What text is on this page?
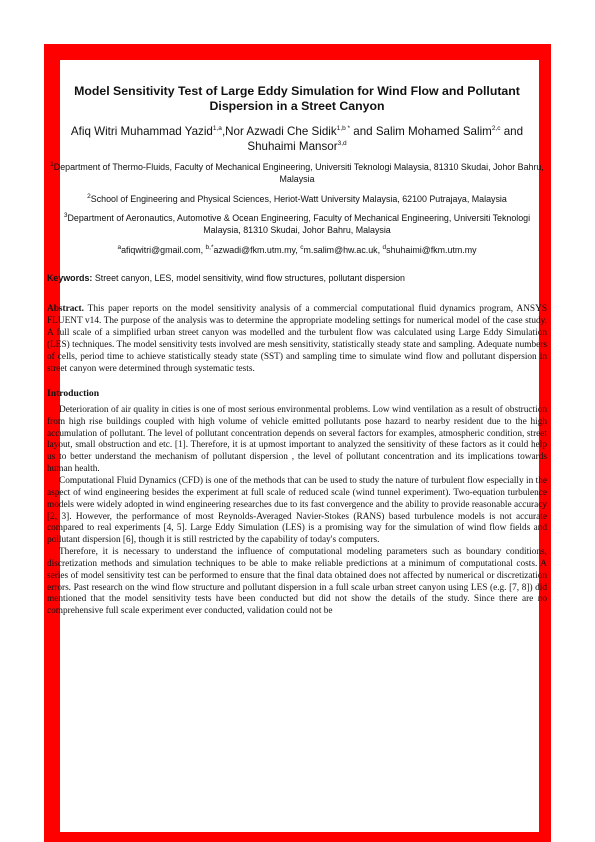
Model Sensitivity Test of Large Eddy Simulation for Wind Flow and Pollutant Dispersion in a Street Canyon
Afiq Witri Muhammad Yazid$^{1,a}$,Nor Azwadi Che Sidik$^{1,b *}$ and Salim Mohamed Salim$^{2,c}$ and Shuhaimi Mansor$^{3,d}$
$^1$Department of Thermo-Fluids, Faculty of Mechanical Engineering, Universiti Teknologi Malaysia, 81310 Skudai, Johor Bahru, Malaysia
$^2$School of Engineering and Physical Sciences, Heriot-Watt University Malaysia, 62100 Putrajaya, Malaysia
$^3$Department of Aeronautics, Automotive & Ocean Engineering, Faculty of Mechanical Engineering, Universiti Teknologi Malaysia, 81310 Skudai, Johor Bahru, Malaysia
$^a$afiqwitri@gmail.com, $^{b,*}$azwadi@fkm.utm.my, $^c$m.salim@hw.ac.uk, $^d$shuhaimi@fkm.utm.my
Keywords: Street canyon, LES, model sensitivity, wind flow structures, pollutant dispersion
Abstract. This paper reports on the model sensitivity analysis of a commercial computational fluid dynamics program, ANSYS FLUENT v14. The purpose of the analysis was to determine the appropriate modeling settings for numerical model of the case study. A full scale of a simplified urban street canyon was modelled and the turbulent flow was calculated using Large Eddy Simulation (LES) techniques. The model sensitivity tests involved are mesh sensitivity, statistically steady state and sampling. Adequate numbers of cells, period time to achieve statistically steady state (SST) and sampling time to simulate wind flow and pollutant dispersion in street canyon were determined through systematic tests.
Introduction

Deterioration of air quality in cities is one of most serious environmental problems. Low wind ventilation as a result of obstruction from high rise buildings coupled with high volume of vehicle emitted pollutants pose hazard to nearby resident due to the high accumulation of pollutant. The level of pollutant concentration depends on several factors for examples, atmospheric condition, street layout, small obstruction and etc. [1]. Therefore, it is at upmost important to analyzed the sensitivity of these factors as it could help us to better understand the mechanism of pollutant dispersion , the level of pollutant concentration and its implications towards human health.

Computational Fluid Dynamics (CFD) is one of the methods that can be used to study the nature of turbulent flow especially in the aspect of wind engineering besides the experiment at full scale of reduced scale (wind tunnel experiment). Two-equation turbulence models were widely adopted in wind engineering researches due to its fast convergence and the ability to provide reasonable accuracy [2, 3]. However, the performance of most Reynolds-Averaged Navier-Stokes (RANS) based turbulence models is not accurate compared to real experiments [4, 5]. Large Eddy Simulation (LES) is a promising way for the simulation of wind flow fields and pollutant dispersion [6], though it is still restricted by the capability of today's computers.

Therefore, it is necessary to understand the influence of computational modeling parameters such as boundary conditions, discretization methods and simulation techniques to be able to make reliable predictions at a minimum of computational costs. A series of model sensitivity test can be performed to ensure that the final data obtained does not affected by numerical or discretization errors. Past research on the wind flow structure and pollutant dispersion in a full scale urban street canyon using LES (e.g. [7, 8]) did mentioned that the model sensitivity tests have been conducted but did not show the details of the study. Since there are no comprehensive full scale experiment ever conducted, validation could not be
